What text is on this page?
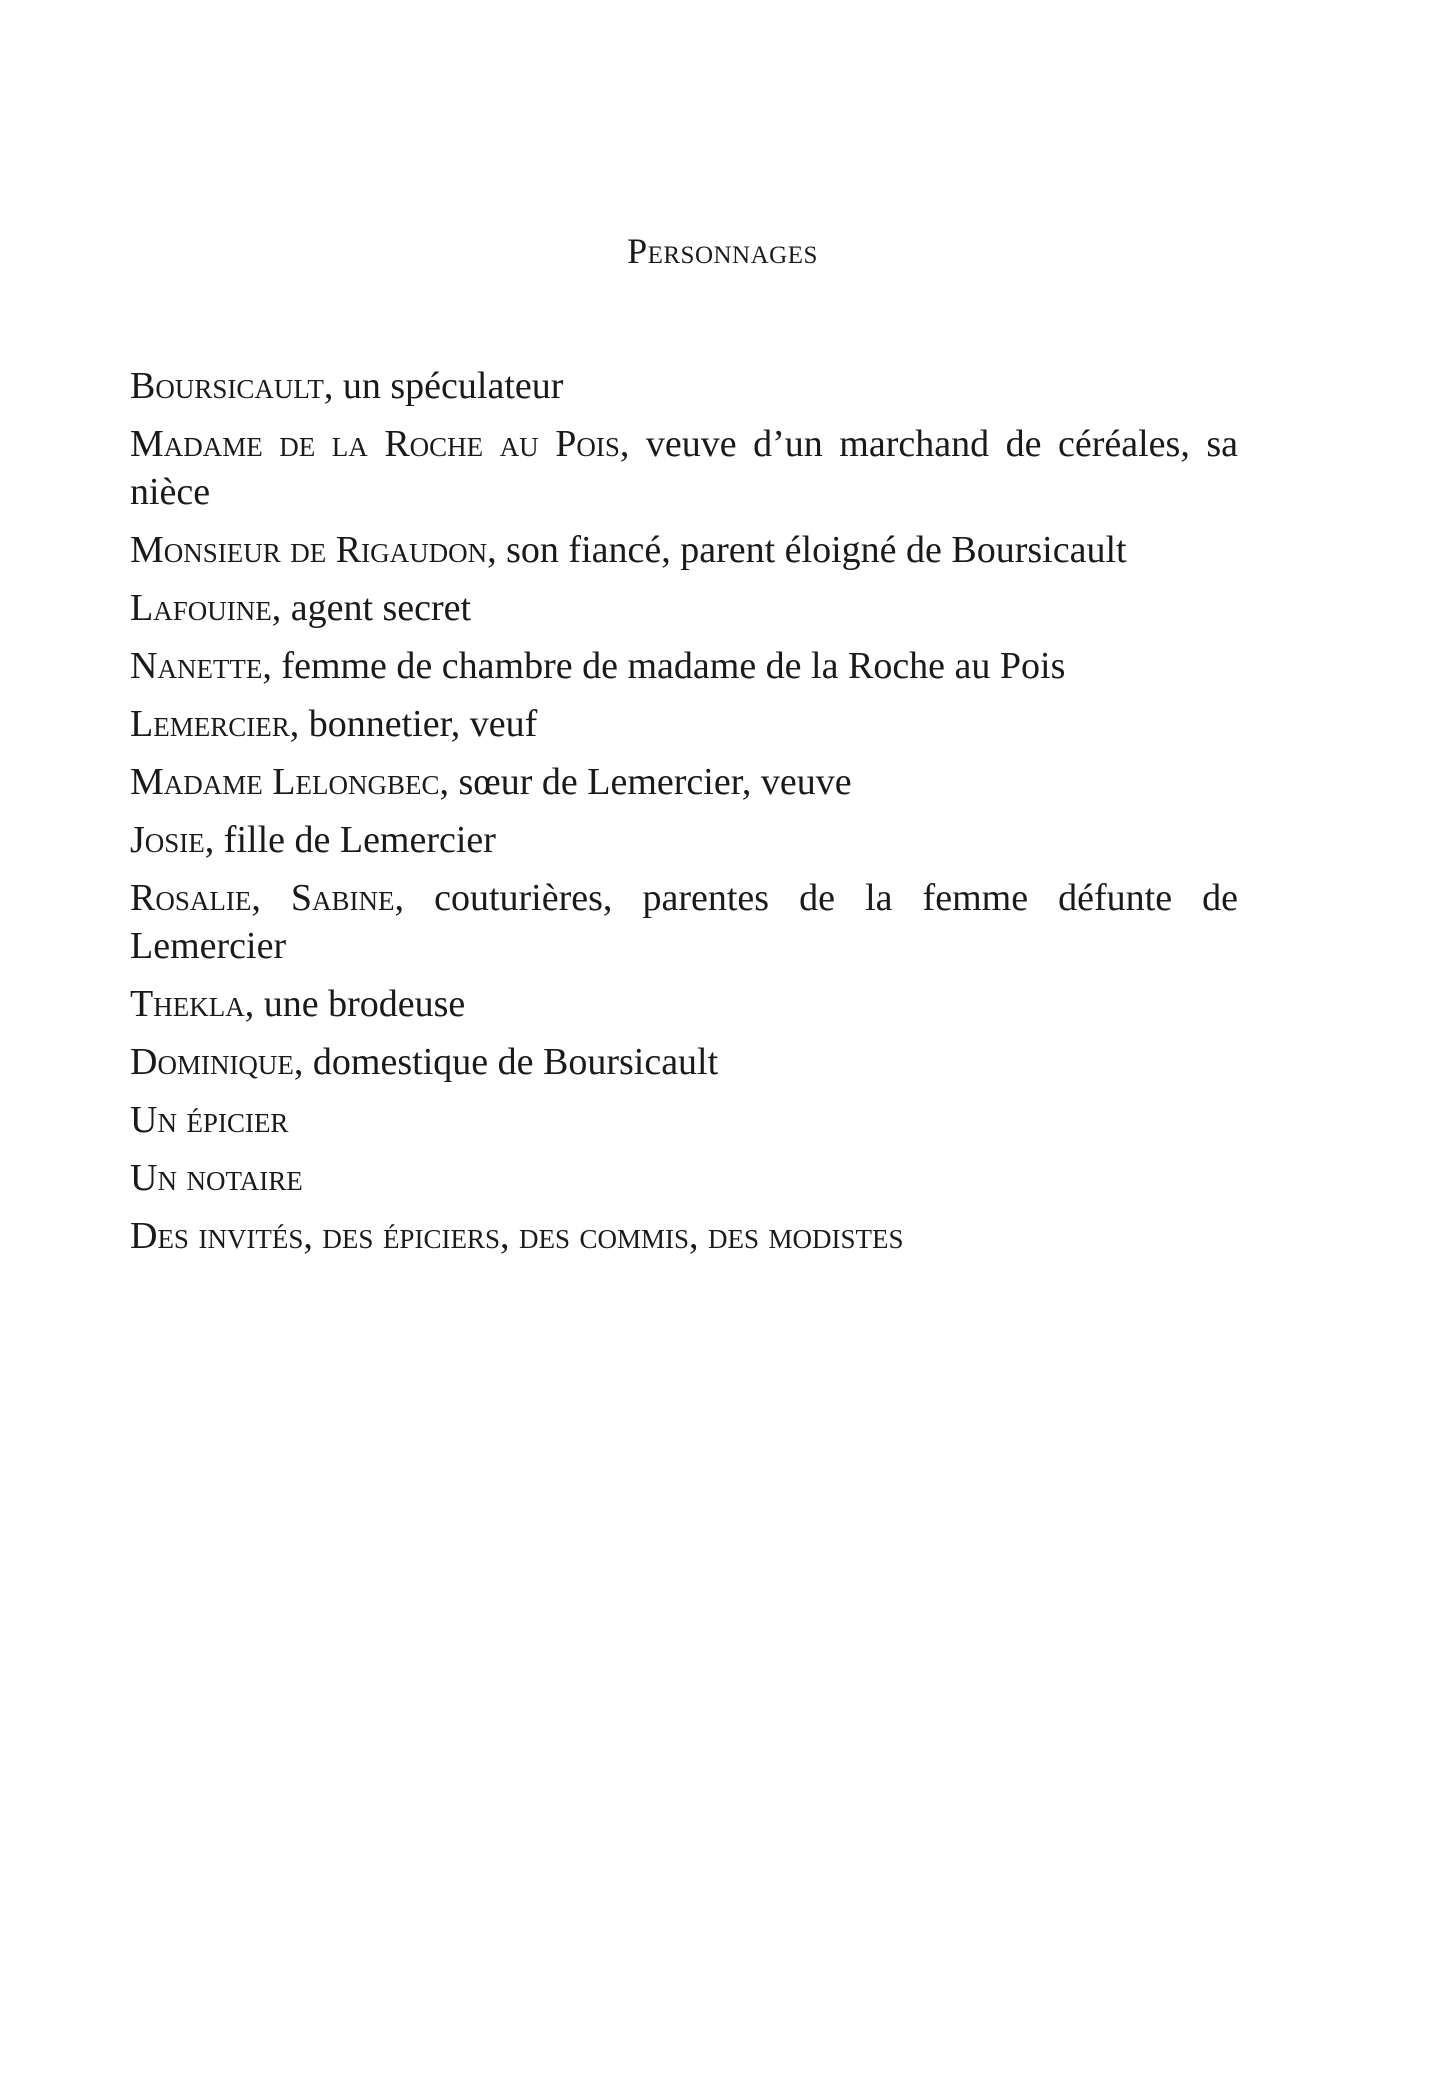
Personnages
Boursicault, un spéculateur
Madame de la Roche au Pois, veuve d’un marchand de céréales, sa nièce
Monsieur de Rigaudon, son fiancé, parent éloigné de Boursicault
Lafouine, agent secret
Nanette, femme de chambre de madame de la Roche au Pois
Lemercier, bonnetier, veuf
Madame Lelongbec, sœur de Lemercier, veuve
Josie, fille de Lemercier
Rosalie, Sabine, couturières, parentes de la femme défunte de Lemercier
Thekla, une brodeuse
Dominique, domestique de Boursicault
Un épicier
Un notaire
Des invités, des épiciers, des commis, des modistes
